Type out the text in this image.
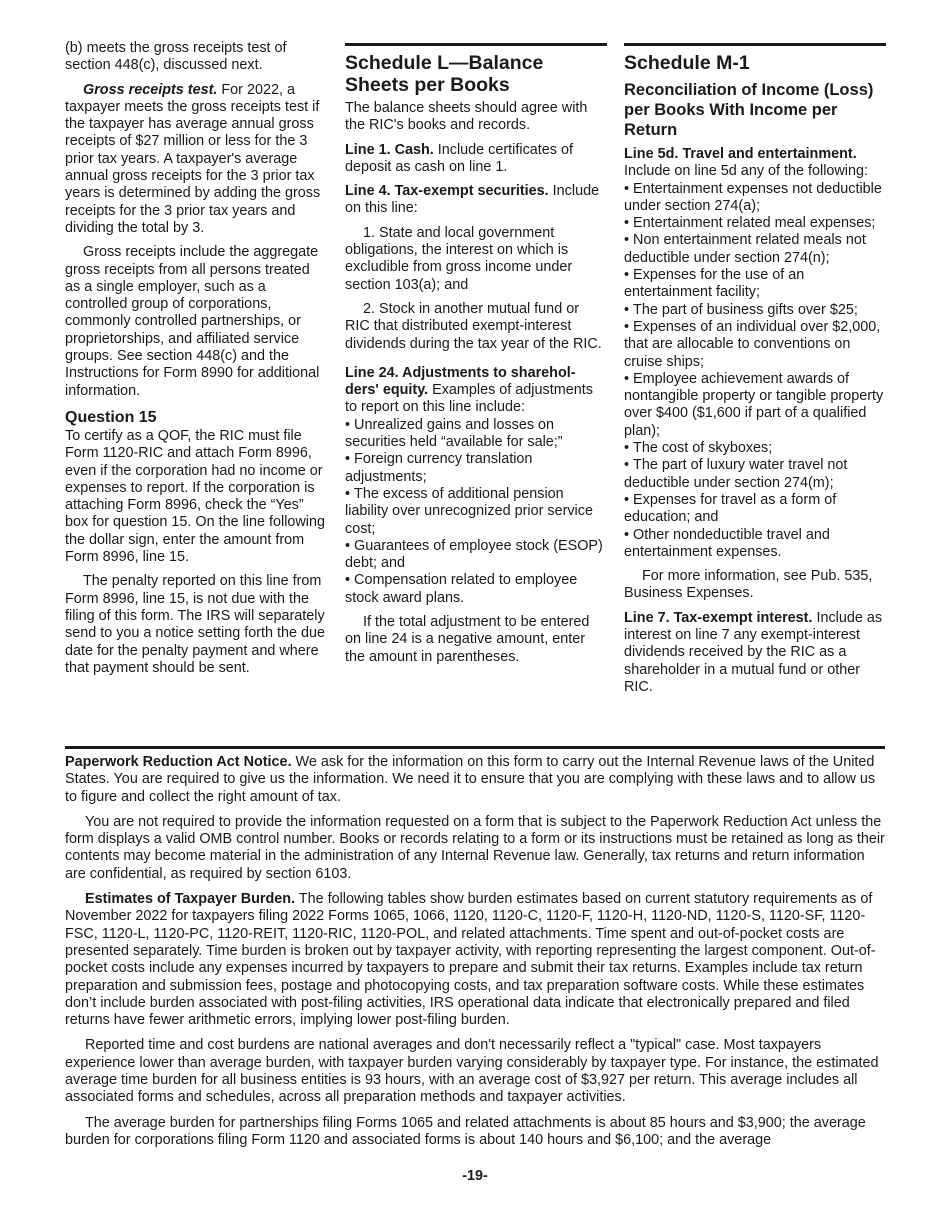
(b) meets the gross receipts test of section 448(c), discussed next.

Gross receipts test. For 2022, a taxpayer meets the gross receipts test if the taxpayer has average annual gross receipts of $27 million or less for the 3 prior tax years. A taxpayer's average annual gross receipts for the 3 prior tax years is determined by adding the gross receipts for the 3 prior tax years and dividing the total by 3.

Gross receipts include the aggregate gross receipts from all persons treated as a single employer, such as a controlled group of corporations, commonly controlled partnerships, or proprietorships, and affiliated service groups. See section 448(c) and the Instructions for Form 8990 for additional information.

Question 15

To certify as a QOF, the RIC must file Form 1120-RIC and attach Form 8996, even if the corporation had no income or expenses to report. If the corporation is attaching Form 8996, check the “Yes” box for question 15. On the line following the dollar sign, enter the amount from Form 8996, line 15.

The penalty reported on this line from Form 8996, line 15, is not due with the filing of this form. The IRS will separately send to you a notice setting forth the due date for the penalty payment and where that payment should be sent.

Schedule L—Balance Sheets per Books

The balance sheets should agree with the RIC's books and records.

Line 1. Cash. Include certificates of deposit as cash on line 1.

Line 4. Tax-exempt securities. Include on this line:

1. State and local government obligations, the interest on which is excludible from gross income under section 103(a); and

2. Stock in another mutual fund or RIC that distributed exempt-interest dividends during the tax year of the RIC.

Line 24. Adjustments to sharehol-ders' equity. Examples of adjustments to report on this line include:

• Unrealized gains and losses on securities held “available for sale;”

• Foreign currency translation adjustments;

• The excess of additional pension liability over unrecognized prior service cost;

• Guarantees of employee stock (ESOP) debt; and

• Compensation related to employee stock award plans.

If the total adjustment to be entered on line 24 is a negative amount, enter the amount in parentheses.

Schedule M-1
Reconciliation of Income (Loss) per Books With Income per Return

Line 5d. Travel and entertainment. Include on line 5d any of the following:

• Entertainment expenses not deductible under section 274(a);

• Entertainment related meal expenses;

• Non entertainment related meals not deductible under section 274(n);

• Expenses for the use of an entertainment facility;

• The part of business gifts over $25;

• Expenses of an individual over $2,000, that are allocable to conventions on cruise ships;

• Employee achievement awards of nontangible property or tangible property over $400 ($1,600 if part of a qualified plan);

• The cost of skyboxes;

• The part of luxury water travel not deductible under section 274(m);

• Expenses for travel as a form of education; and

• Other nondeductible travel and entertainment expenses.

For more information, see Pub. 535, Business Expenses.

Line 7. Tax-exempt interest. Include as interest on line 7 any exempt-interest dividends received by the RIC as a shareholder in a mutual fund or other RIC.

Paperwork Reduction Act Notice. We ask for the information on this form to carry out the Internal Revenue laws of the United States. You are required to give us the information. We need it to ensure that you are complying with these laws and to allow us to figure and collect the right amount of tax.

You are not required to provide the information requested on a form that is subject to the Paperwork Reduction Act unless the form displays a valid OMB control number. Books or records relating to a form or its instructions must be retained as long as their contents may become material in the administration of any Internal Revenue law. Generally, tax returns and return information are confidential, as required by section 6103.

Estimates of Taxpayer Burden. The following tables show burden estimates based on current statutory requirements as of November 2022 for taxpayers filing 2022 Forms 1065, 1066, 1120, 1120-C, 1120-F, 1120-H, 1120-ND, 1120-S, 1120-SF, 1120-FSC, 1120-L, 1120-PC, 1120-REIT, 1120-RIC, 1120-POL, and related attachments. Time spent and out-of-pocket costs are presented separately. Time burden is broken out by taxpayer activity, with reporting representing the largest component. Out-of-pocket costs include any expenses incurred by taxpayers to prepare and submit their tax returns. Examples include tax return preparation and submission fees, postage and photocopying costs, and tax preparation software costs. While these estimates don’t include burden associated with post-filing activities, IRS operational data indicate that electronically prepared and filed returns have fewer arithmetic errors, implying lower post-filing burden.

Reported time and cost burdens are national averages and don't necessarily reflect a "typical" case. Most taxpayers experience lower than average burden, with taxpayer burden varying considerably by taxpayer type. For instance, the estimated average time burden for all business entities is 93 hours, with an average cost of $3,927 per return. This average includes all associated forms and schedules, across all preparation methods and taxpayer activities.

The average burden for partnerships filing Forms 1065 and related attachments is about 85 hours and $3,900; the average burden for corporations filing Form 1120 and associated forms is about 140 hours and $6,100; and the average

-19-
